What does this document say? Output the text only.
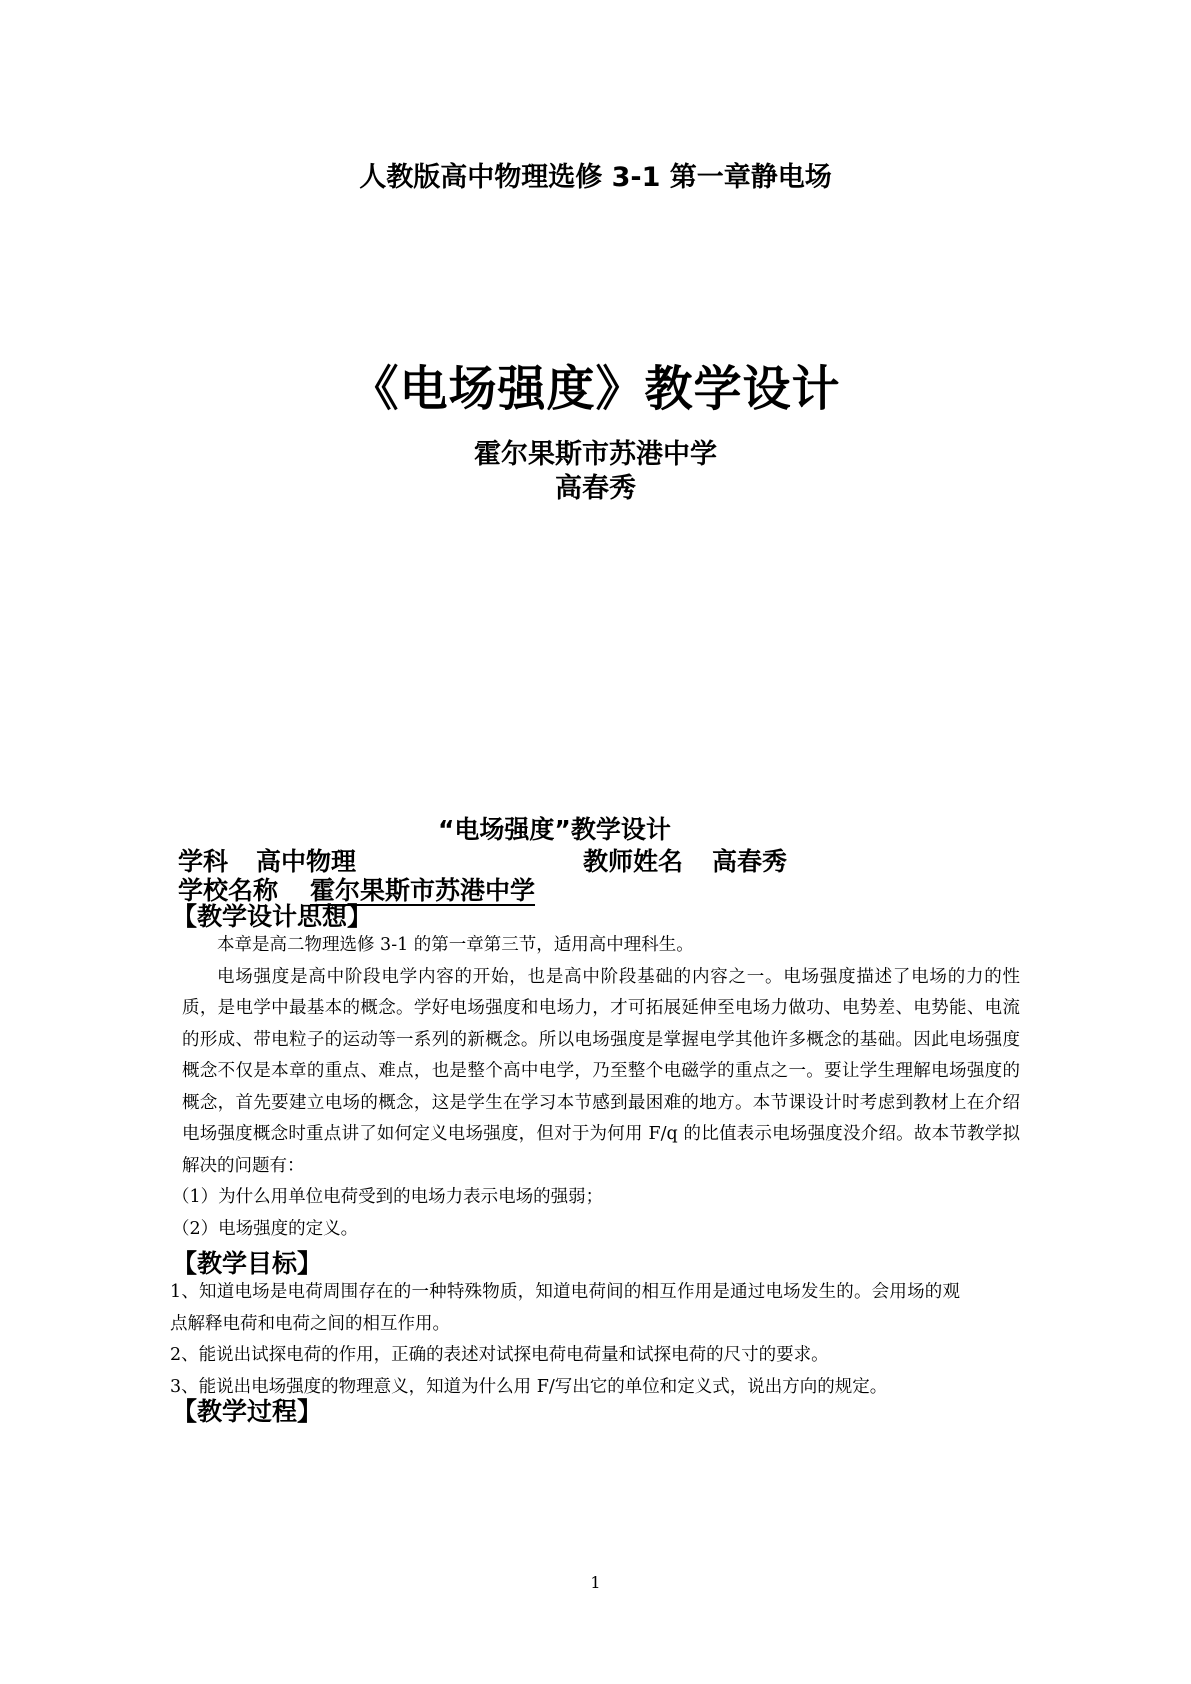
人教版高中物理选修 3-1 第一章静电场
《电场强度》教学设计
霍尔果斯市苏港中学
高春秀
“电场强度”教学设计
学科 高中物理	教师姓名 高春秀
学校名称 霍尔果斯市苏港中学
【教学设计思想】
本章是高二物理选修 3-1 的第一章第三节，适用高中理科生。
电场强度是高中阶段电学内容的开始，也是高中阶段基础的内容之一。电场强度描述了电场的力的性质，是电学中最基本的概念。学好电场强度和电场力，才可拓展延伸至电场力做功、电势差、电势能、电流的形成、带电粒子的运动等一系列的新概念。所以电场强度是掌握电学其他许多概念的基础。因此电场强度概念不仅是本章的重点、难点，也是整个高中电学，乃至整个电磁学的重点之一。要让学生理解电场强度的概念，首先要建立电场的概念，这是学生在学习本节感到最困难的地方。本节课设计时考虑到教材上在介绍电场强度概念时重点讲了如何定义电场强度，但对于为何用 F/q 的比值表示电场强度没介绍。故本节教学拟解决的问题有：
（1）为什么用单位电荷受到的电场力表示电场的强弱；
（2）电场强度的定义。
【教学目标】
1、知道电场是电荷周围存在的一种特殊物质，知道电荷间的相互作用是通过电场发生的。会用场的观点解释电荷和电荷之间的相互作用。
2、能说出试探电荷的作用，正确的表述对试探电荷电荷量和试探电荷的尺寸的要求。
3、能说出电场强度的物理意义，知道为什么用 F/写出它的单位和定义式，说出方向的规定。
【教学过程】
1
